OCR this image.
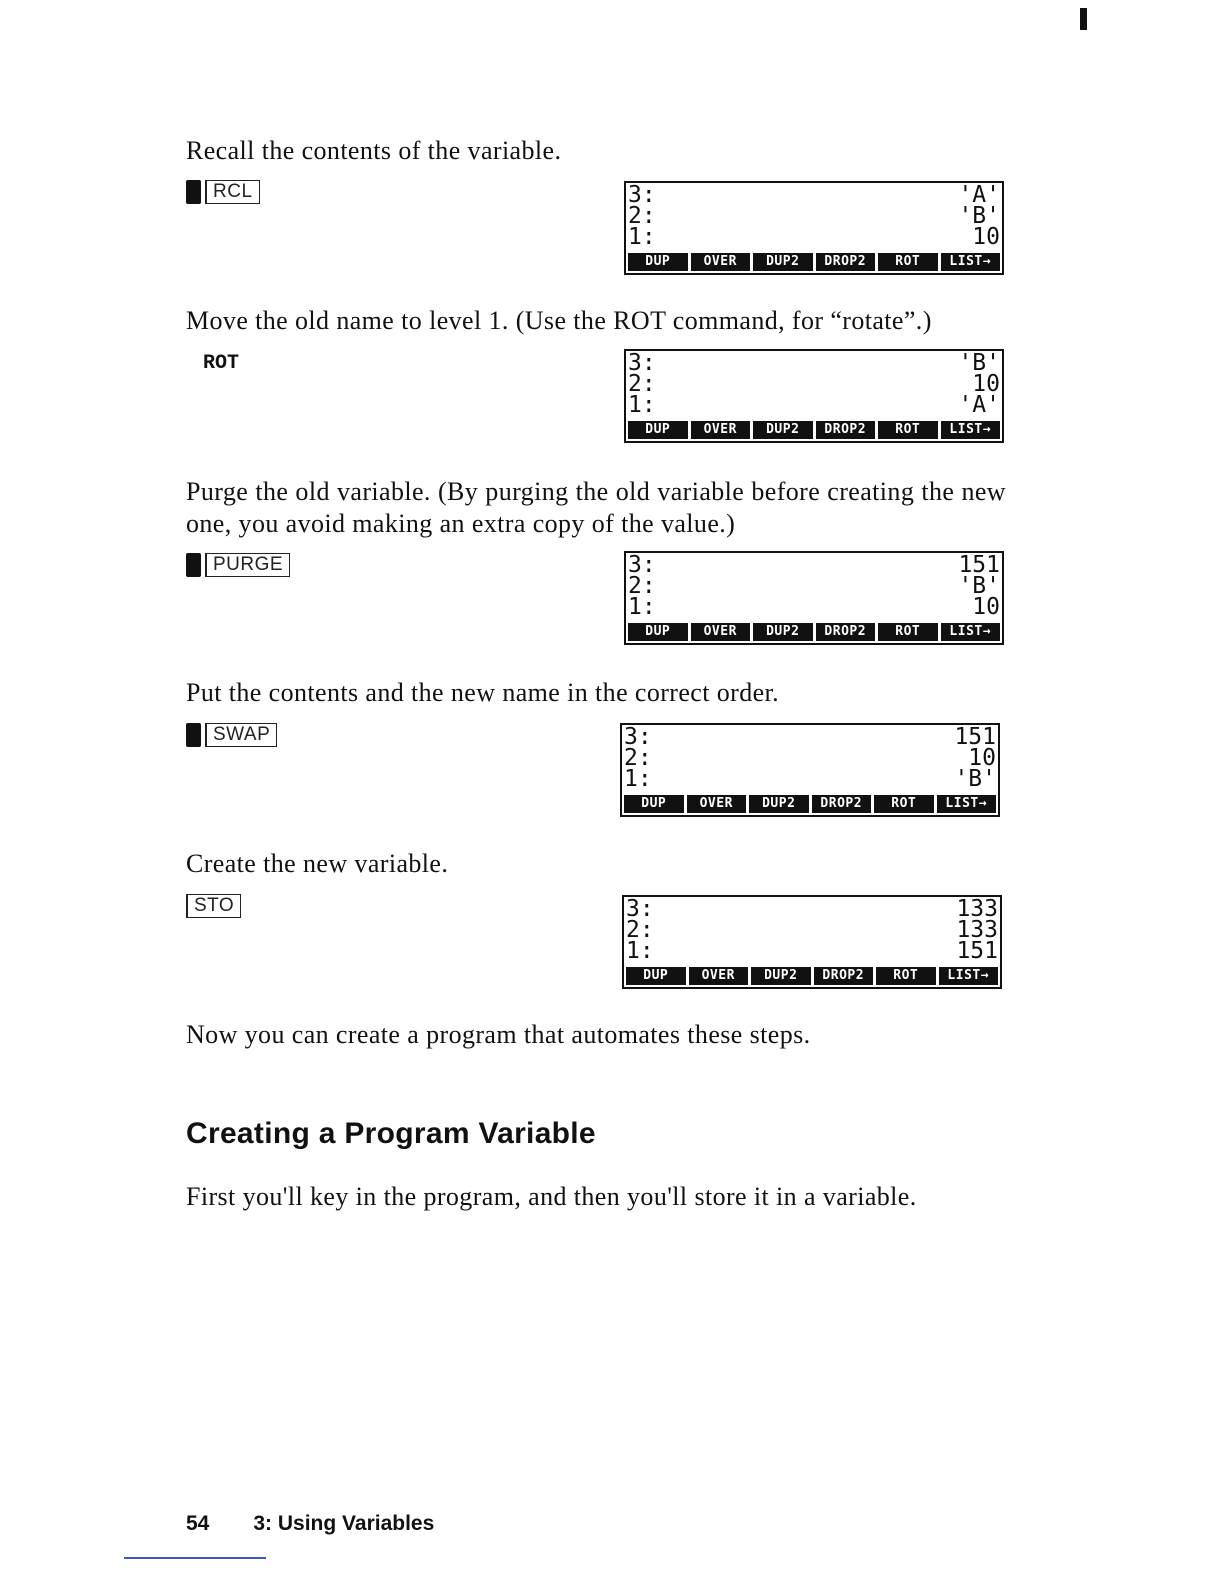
Recall the contents of the variable.

RCL	3:	'A'
2:	'B'
1:	10
DUP	OVER	DUP2	DROP2	ROT	LIST→

Move the old name to level 1. (Use the ROT command, for “rotate”.)

ROT	3:	'B'
2:	10
1:	'A'
DUP	OVER	DUP2	DROP2	ROT	LIST→

Purge the old variable. (By purging the old variable before creating the new one, you avoid making an extra copy of the value.)

PURGE	3:	151
2:	'B'
1:	10
DUP	OVER	DUP2	DROP2	ROT	LIST→

Put the contents and the new name in the correct order.

SWAP	3:	151
2:	10
1:	'B'
DUP	OVER	DUP2	DROP2	ROT	LIST→

Create the new variable.

STO	3:	133
2:	133
1:	151
DUP	OVER	DUP2	DROP2	ROT	LIST→

Now you can create a program that automates these steps.

Creating a Program Variable

First you'll key in the program, and then you'll store it in a variable.

54 3: Using Variables
